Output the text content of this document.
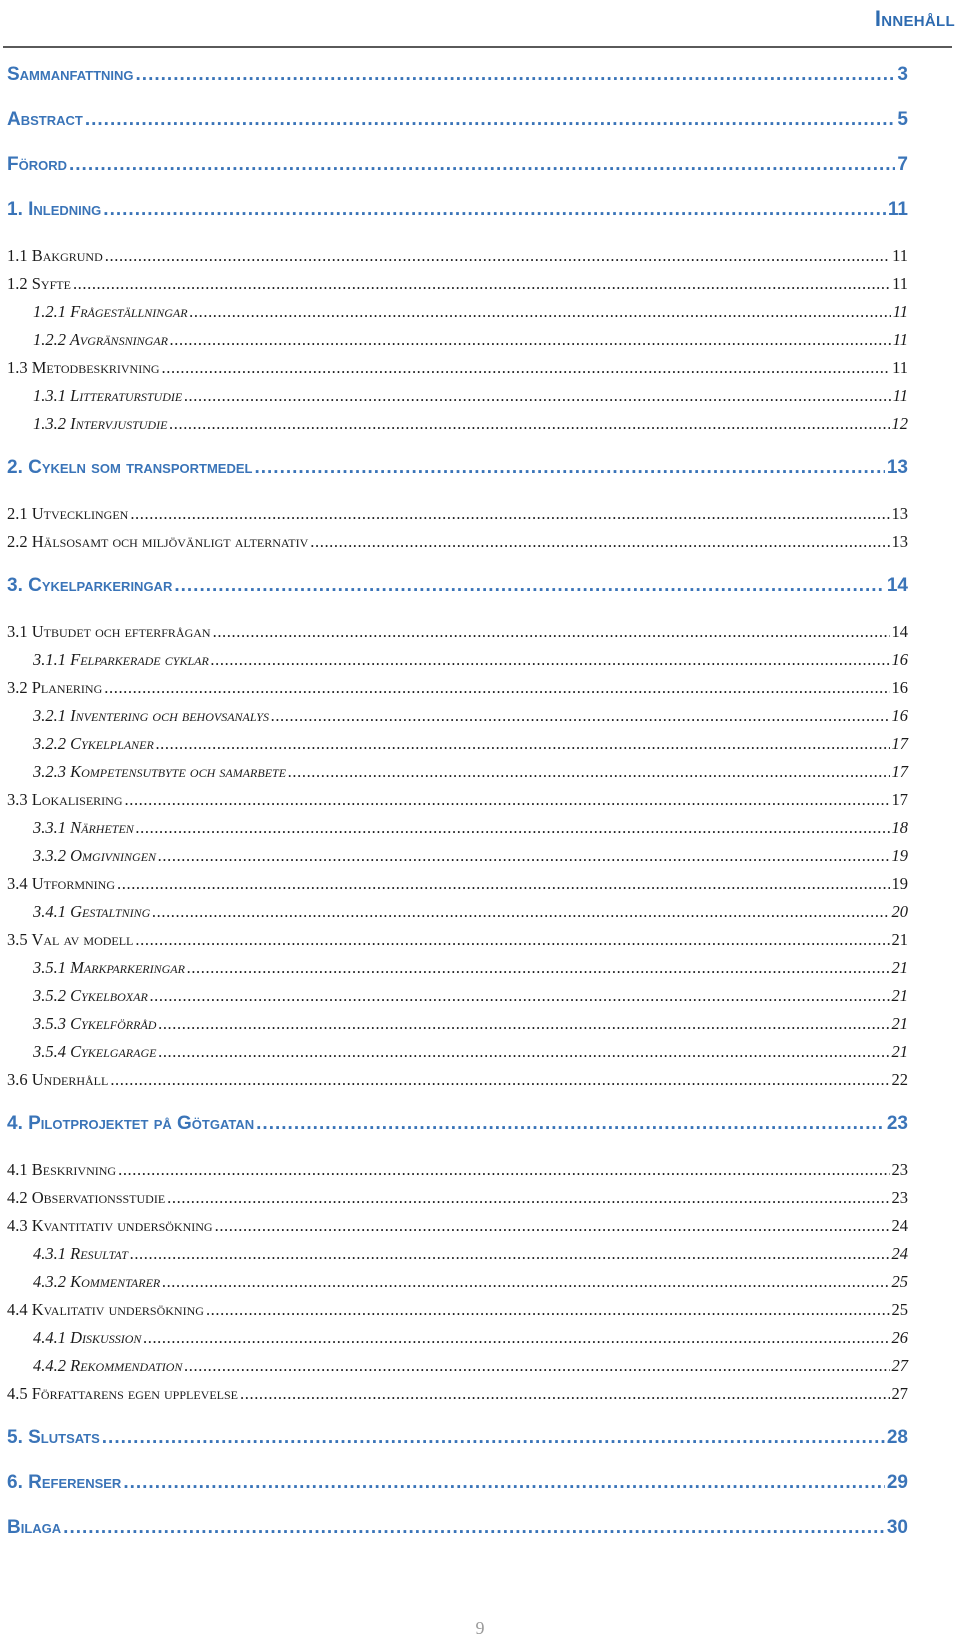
Innehåll
Sammanfattning .....	3
Abstract .....	5
Förord .....	7
1. Inledning .....	11
1.1 Bakgrund .....	11
1.2 Syfte .....	11
1.2.1 Frågeställningar .....	11
1.2.2 Avgränsningar .....	11
1.3 Metodbeskrivning .....	11
1.3.1 Litteraturstudie .....	11
1.3.2 Intervjustudie .....	12
2. Cykeln som transportmedel .....	13
2.1 Utvecklingen .....	13
2.2 Hälsosamt och miljövänligt alternativ .....	13
3. Cykelparkeringar .....	14
3.1 Utbudet och efterfrågan .....	14
3.1.1 Felparkerade cyklar .....	16
3.2 Planering .....	16
3.2.1 Inventering och behovsanalys .....	16
3.2.2 Cykelplaner .....	17
3.2.3 Kompetensutbyte och samarbete .....	17
3.3 Lokalisering .....	17
3.3.1 Närheten .....	18
3.3.2 Omgivningen .....	19
3.4 Utformning .....	19
3.4.1 Gestaltning .....	20
3.5 Val av modell .....	21
3.5.1 Markparkeringar .....	21
3.5.2 Cykelboxar .....	21
3.5.3 Cykelförråd .....	21
3.5.4 Cykelgarage .....	21
3.6 Underhåll .....	22
4. Pilotprojektet på Götgatan .....	23
4.1 Beskrivning .....	23
4.2 Observationsstudie .....	23
4.3 Kvantitativ undersökning .....	24
4.3.1 Resultat .....	24
4.3.2 Kommentarer .....	25
4.4 Kvalitativ undersökning .....	25
4.4.1 Diskussion .....	26
4.4.2 Rekommendation .....	27
4.5 Författarens egen upplevelse .....	27
5. Slutsats .....	28
6. Referenser .....	29
Bilaga .....	30
9
